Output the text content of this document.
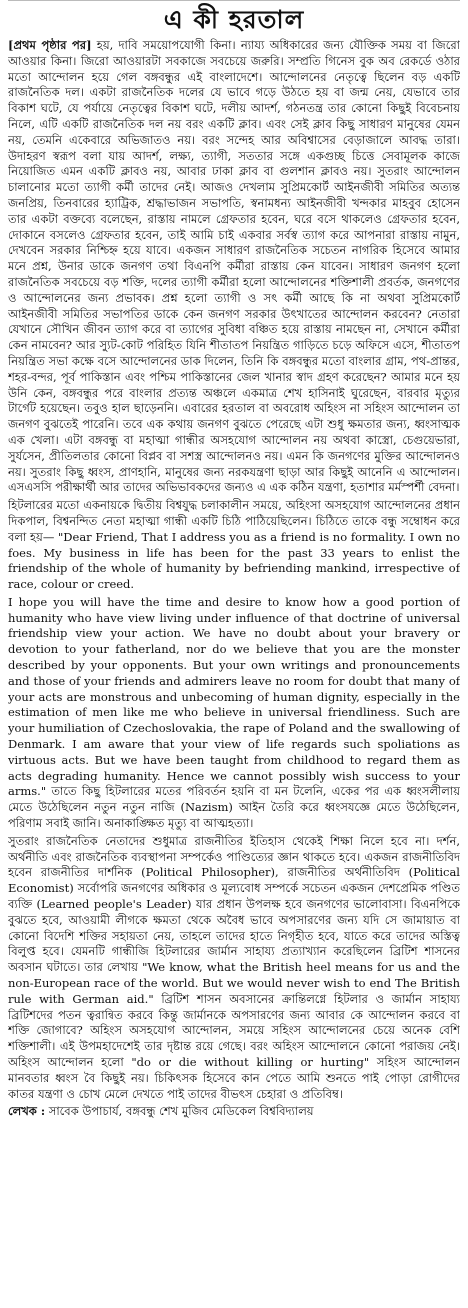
এ কী হরতাল

[প্রথম পৃষ্ঠার পর] হয়, দাবি সময়োপযোগী কিনা। ন্যায্য অধিকারের জন্য যৌক্তিক সময় বা জিরো আওয়ার কিনা। জিরো আওয়ারটা সবকাজে সবচেয়ে জরুরি। সম্প্রতি গিনেস বুক অব রেকর্ডে ওঠার মতো আন্দোলন হয়ে গেল বঙ্গবন্ধুর এই বাংলাদেশে। আন্দোলনের নেতৃত্বে ছিলেন বড় একটি রাজনৈতিক দল। একটা রাজনৈতিক দলের যে ভাবে গড়ে উঠতে হয় বা জন্ম নেয়, যেভাবে তার বিকাশ ঘটে, যে পর্যায়ে নেতৃত্বের বিকাশ ঘটে, দলীয় আদর্শ, গঠনতন্ত্র তার কোনো কিছুই বিবেচনায় নিলে, এটি একটি রাজনৈতিক দল নয় বরং একটি ক্লাব। এবং সেই ক্লাব কিছু সাধারণ মানুষের যেমন নয়, তেমনি একেবারে অভিজাতও নয়। বরং সন্দেহ আর অবিশ্বাসের বেড়াজালে আবদ্ধ তারা। উদাহরণ স্বরূপ বলা যায় আদর্শ, লক্ষ্য, ত্যাগী, সততার সঙ্গে একগুচ্ছ চিত্তে সেবামূলক কাজে নিয়োজিত এমন একটি ক্লাবও নয়, আবার ঢাকা ক্লাব বা গুলশান ক্লাবও নয়। সুতরাং আন্দোলন চালানোর মতো ত্যাগী কর্মী তাদের নেই। আজও দেখলাম সুপ্রিমকোর্ট আইনজীবী সমিতির অত্যন্ত জনপ্রিয়, তিনবারের হ্যাট্রিক, শ্রদ্ধাভাজন সভাপতি, স্বনামধন্য আইনজীবী খন্দকার মাহবুব হোসেন তার একটা বক্তব্যে বলেছেন, রাস্তায় নামলে গ্রেফতার হবেন, ঘরে বসে থাকলেও গ্রেফতার হবেন, দোকানে বসলেও গ্রেফতার হবেন, তাই আমি চাই একবার সর্বস্ব ত্যাগ করে আপনারা রাস্তায় নামুন, দেখবেন সরকার নিশ্চিহ্ন হয়ে যাবে। একজন সাধারণ রাজনৈতিক সচেতন নাগরিক হিসেবে আমার মনে প্রশ্ন, উনার ডাকে জনগণ তথা বিএনপি কর্মীরা রাস্তায় কেন যাবেন। সাধারণ জনগণ হলো রাজনৈতিক সবচেয়ে বড় শক্তি, দলের ত্যাগী কর্মীরা হলো আন্দোলনের শক্তিশালী প্রবর্তক, জনগণের ও আন্দোলনের জন্য প্রভাবক। প্রশ্ন হলো ত্যাগী ও সৎ কর্মী আছে কি না অথবা সুপ্রিমকোর্ট আইনজীবী সমিতির সভাপতির ডাকে কেন জনগণ সরকার উৎখাতের আন্দোলন করবেন? নেতারা যেখানে সৌখিন জীবন ত্যাগ করে বা ত্যাগের সুবিধা বঞ্চিত হয়ে রাস্তায় নামছেন না, সেখানে কর্মীরা কেন নামবেন? আর স্যুট-কোট পরিহিত যিনি শীতাতপ নিয়ন্ত্রিত গাড়িতে চড়ে অফিসে এসে, শীতাতপ নিয়ন্ত্রিত সভা কক্ষে বসে আন্দোলনের ডাক দিলেন, তিনি কি বঙ্গবন্ধুর মতো বাংলার গ্রাম, পথ-প্রান্তর, শহর-বন্দর, পূর্ব পাকিস্তান এবং পশ্চিম পাকিস্তানের জেল খানার স্বাদ গ্রহণ করেছেন? আমার মনে হয় উনি কেন, বঙ্গবন্ধুর পরে বাংলার প্রত্যন্ত অঞ্চলে একমাত্র শেখ হাসিনাই ঘুরেছেন, বারবার মৃত্যুর টার্গেট হয়েছেন। তবুও হাল ছাড়েননি। এবারের হরতাল বা অবরোধ অহিংস না সহিংস আন্দোলন তা জনগণ বুঝতেই পারেনি। তবে এক কথায় জনগণ বুঝতে পেরেছে এটা শুধু ক্ষমতার জন্য, ধ্বংসাত্মক এক খেলা। এটা বঙ্গবন্ধু বা মহাত্মা গান্ধীর অসহযোগ আন্দোলন নয় অথবা কাস্ত্রো, চেগুয়েভারা, সুর্যসেন, প্রীতিলতার কোনো বিপ্লব বা সশস্ত্র আন্দোলনও নয়। এমন কি জনগণের মুক্তির আন্দোলনও নয়। সুতরাং কিছু ধ্বংস, প্রাণহানি, মানুষের জন্য নরকযন্ত্রণা ছাড়া আর কিছুই আনেনি এ আন্দোলন। এসএসসি পরীক্ষার্থী আর তাদের অভিভাবকদের জন্যও এ এক কঠিন যন্ত্রণা, হতাশার মর্মস্পর্শী বেদনা।

হিটলারের মতো একনায়কে দ্বিতীয় বিশ্বযুদ্ধ চলাকালীন সময়ে, অহিংসা অসহযোগ আন্দোলনের প্রধান দিকপাল, বিশ্বনন্দিত নেতা মহাত্মা গান্ধী একটি চিঠি পাঠিয়েছিলেন। চিঠিতে তাকে বন্ধু সম্বোধন করে বলা হয়— "Dear Friend, That I address you as a friend is no formality. I own no foes. My business in life has been for the past 33 years to enlist the friendship of the whole of humanity by befriending mankind, irrespective of race, colour or creed.

I hope you will have the time and desire to know how a good portion of humanity who have view living under influence of that doctrine of universal friendship view your action. We have no doubt about your bravery or devotion to your fatherland, nor do we believe that you are the monster described by your opponents. But your own writings and pronouncements and those of your friends and admirers leave no room for doubt that many of your acts are monstrous and unbecoming of human dignity, especially in the estimation of men like me who believe in universal friendliness. Such are your humiliation of Czechoslovakia, the rape of Poland and the swallowing of Denmark. I am aware that your view of life regards such spoliations as virtuous acts. But we have been taught from childhood to regard them as acts degrading humanity. Hence we cannot possibly wish success to your arms." তাতে কিছু হিটলারের মতের পরিবর্তন হয়নি বা মন টলেনি, একের পর এক ধ্বংসলীলায় মেতে উঠেছিলেন নতুন নতুন নাজি (Nazism) আইন তৈরি করে ধ্বংসযজ্ঞে মেতে উঠেছিলেন, পরিণাম সবাই জানি। অনাকাঙ্ক্ষিত মৃত্যু বা আত্মহত্যা।

সুতরাং রাজনৈতিক নেতাদের শুধুমাত্র রাজনীতির ইতিহাস থেকেই শিক্ষা নিলে হবে না। দর্শন, অর্থনীতি এবং রাজনৈতিক ব্যবস্থাপনা সম্পর্কেও পাণ্ডিত্যের জ্ঞান থাকতে হবে। একজন রাজনীতিবিদ হবেন রাজনীতির দার্শনিক (Political Philosopher), রাজনীতির অর্থনীতিবিদ (Political Economist) সর্বোপরি জনগণের অধিকার ও মূল্যবোধ সম্পর্কে সচেতন একজন দেশপ্রেমিক পণ্ডিত ব্যক্তি (Learned people's Leader) যার প্রধান উপলক্ষ হবে জনগণের ভালোবাসা। বিএনপিকে বুঝতে হবে, আওয়ামী লীগকে ক্ষমতা থেকে অবৈধ ভাবে অপসারণের জন্য যদি সে জামায়াত বা কোনো বিদেশি শক্তির সহায়তা নেয়, তাহলে তাদের হাতে নিগৃহীত হবে, যাতে করে তাদের অস্তিত্ব বিলুপ্ত হবে। যেমনটি গান্ধীজি হিটলারের জার্মান সাহায্য প্রত্যাখ্যান করেছিলেন ব্রিটিশ শাসনের অবসান ঘটাতে। তার লেখায় "We know, what the British heel means for us and the non-European race of the world. But we would never wish to end The British rule with German aid." ব্রিটিশ শাসন অবসানের ক্রান্তিলগ্নে হিটলার ও জার্মান সাহায্য ব্রিটিশদের পতন ত্বরান্বিত করবে কিন্তু জার্মানকে অপসারণের জন্য আবার কে আন্দোলন করবে বা শক্তি জোগাবে? অহিংস অসহযোগ আন্দোলন, সময়ে সহিংস আন্দোলনের চেয়ে অনেক বেশি শক্তিশালী। এই উপমহাদেশেই তার দৃষ্টান্ত রয়ে গেছে। বরং অহিংস আন্দোলনে কোনো পরাজয় নেই। অহিংস আন্দোলন হলো "do or die without killing or hurting" সহিংস আন্দোলন মানবতার ধ্বংস বৈ কিছুই নয়। চিকিৎসক হিসেবে কান পেতে আমি শুনতে পাই পোড়া রোগীদের কাতর যন্ত্রণা ও চোখ মেলে দেখতে পাই তাদের বীভৎস চেহারা ও প্রতিবিম্ব।

লেখক : সাবেক উপাচার্য, বঙ্গবন্ধু শেখ মুজিব মেডিকেল বিশ্ববিদ্যালয়
